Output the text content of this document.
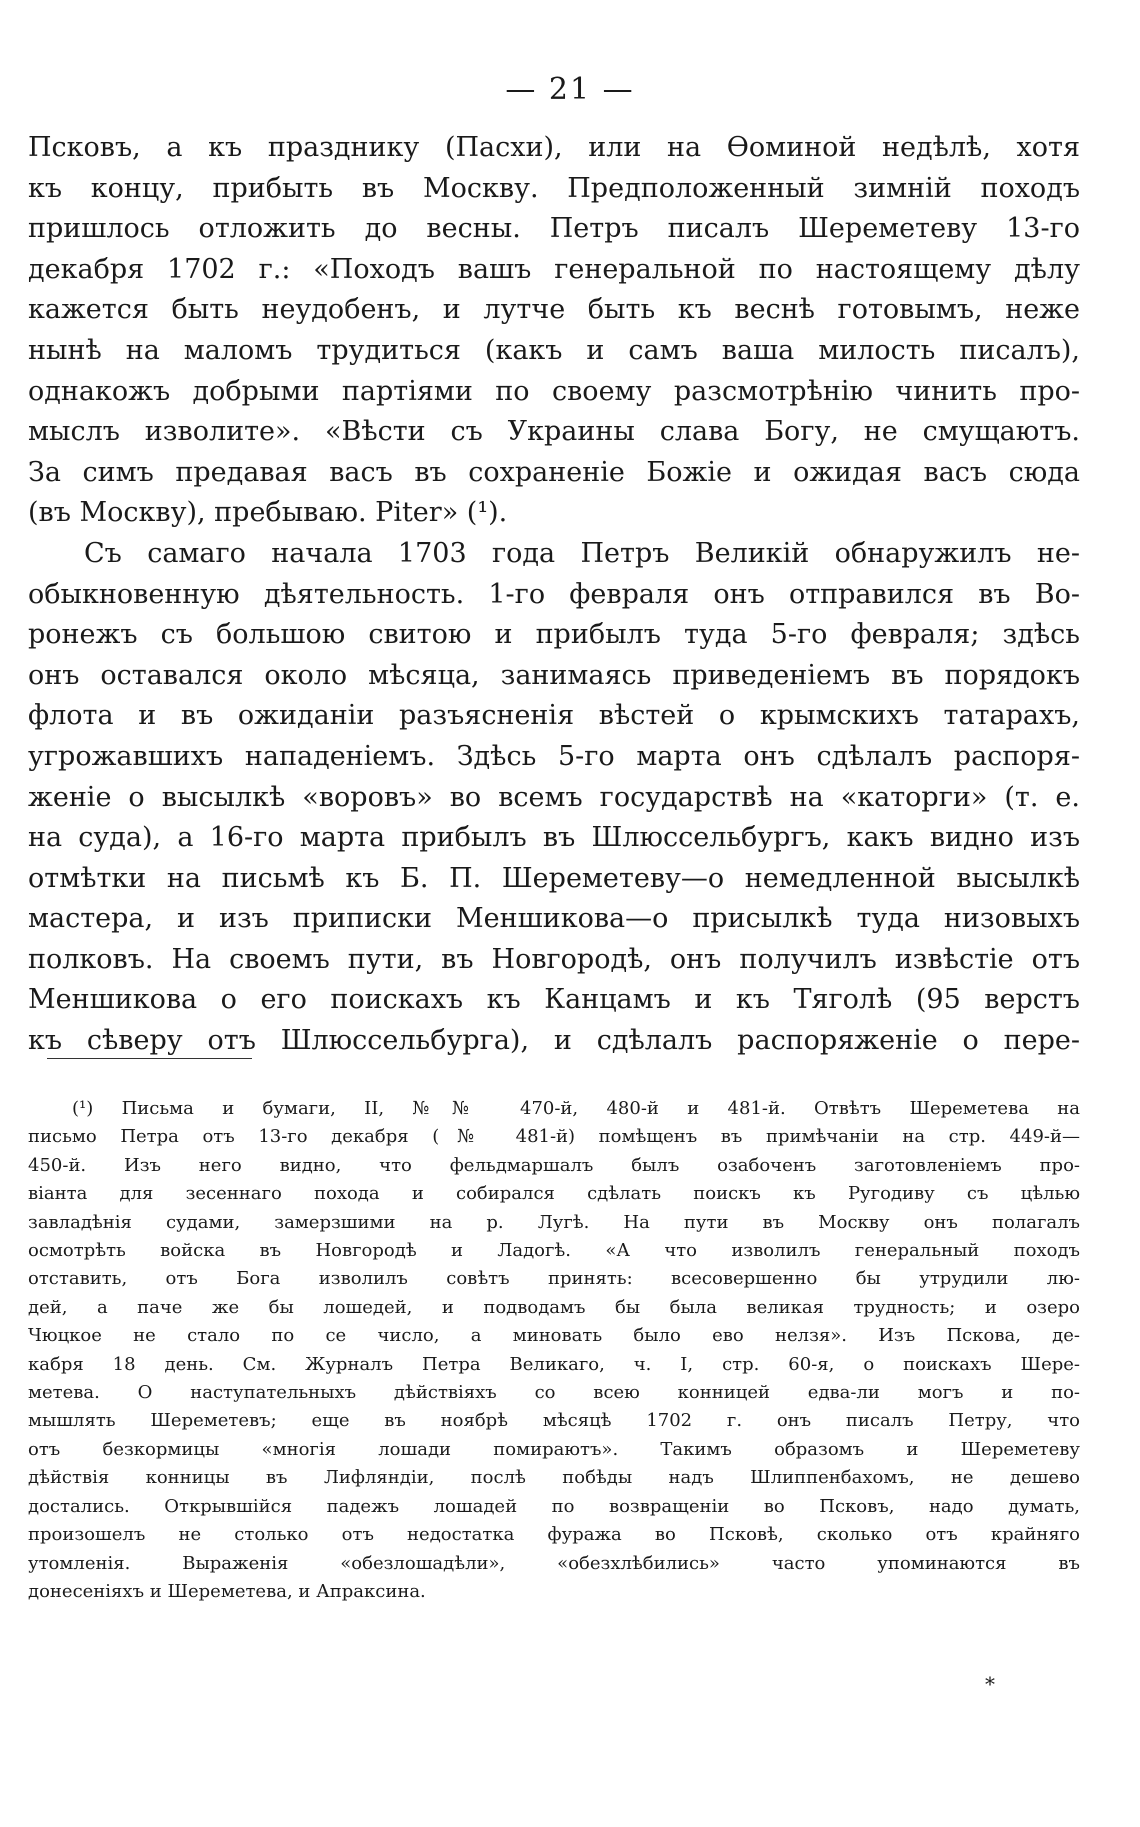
— 21 —
Псковъ, а къ празднику (Пасхи), или на Ѳоминой недѣлѣ, хотя
къ концу, прибыть въ Москву. Предположенный зимній походъ
пришлось отложить до весны. Петръ писалъ Шереметеву 13-го
декабря 1702 г.: «Походъ вашъ генеральной по настоящему дѣлу
кажется быть неудобенъ, и лутче быть къ веснѣ готовымъ, неже
нынѣ на маломъ трудиться (какъ и самъ ваша милость писалъ),
однакожъ добрыми партіями по своему разсмотрѣнію чинить про-
мыслъ изволите». «Вѣсти съ Украины слава Богу, не смущаютъ.
За симъ предавая васъ въ сохраненіе Божіе и ожидая васъ сюда
(въ Москву), пребываю. Piter» (¹).
Съ самаго начала 1703 года Петръ Великій обнаружилъ не-
обыкновенную дѣятельность. 1-го февраля онъ отправился въ Во-
ронежъ съ большою свитою и прибылъ туда 5-го февраля; здѣсь
онъ оставался около мѣсяца, занимаясь приведеніемъ въ порядокъ
флота и въ ожиданіи разъясненія вѣстей о крымскихъ татарахъ,
угрожавшихъ нападеніемъ. Здѣсь 5-го марта онъ сдѣлалъ распоря-
женіе о высылкѣ «воровъ» во всемъ государствѣ на «каторги» (т. е.
на суда), а 16-го марта прибылъ въ Шлюссельбургъ, какъ видно изъ
отмѣтки на письмѣ къ Б. П. Шереметеву—о немедленной высылкѣ
мастера, и изъ приписки Меншикова—о присылкѣ туда низовыхъ
полковъ. На своемъ пути, въ Новгородѣ, онъ получилъ извѣстіе отъ
Меншикова о его поискахъ къ Канцамъ и къ Тяголѣ (95 верстъ
къ сѣверу отъ Шлюссельбурга), и сдѣлалъ распоряженіе о пере-
(¹) Письма и бумаги, II, №№ 470-й, 480-й и 481-й. Отвѣтъ Шереметева на
письмо Петра отъ 13-го декабря (№ 481-й) помѣщенъ въ примѣчаніи на стр. 449-й—
450-й. Изъ него видно, что фельдмаршалъ былъ озабоченъ заготовленіемъ про-
віанта для зесеннаго похода и собирался сдѣлать поискъ къ Ругодиву съ цѣлью
завладѣнія судами, замерзшими на р. Лугѣ. На пути въ Москву онъ полагалъ
осмотрѣть войска въ Новгородѣ и Ладогѣ. «А что изволилъ генеральный походъ
отставить, отъ Бога изволилъ совѣтъ принять: всесовершенно бы утрудили лю-
дей, а паче же бы лошедей, и подводамъ бы была великая трудность; и озеро
Чюцкое не стало по се число, а миновать было ево нелзя». Изъ Пскова, де-
кабря 18 день. См. Журналъ Петра Великаго, ч. I, стр. 60-я, о поискахъ Шере-
метева. О наступательныхъ дѣйствіяхъ со всею конницей едва-ли могъ и по-
мышлять Шереметевъ; еще въ ноябрѣ мѣсяцѣ 1702 г. онъ писалъ Петру, что
отъ безкормицы «многія лошади помираютъ». Такимъ образомъ и Шереметеву
дѣйствія конницы въ Лифляндіи, послѣ побѣды надъ Шлиппенбахомъ, не дешево
достались. Открывшійся падежъ лошадей по возвращеніи во Псковъ, надо думать,
произошелъ не столько отъ недостатка фуража во Псковѣ, сколько отъ крайняго
утомленія. Выраженія «обезлошадѣли», «обезхлѣбились» часто упоминаются въ
донесеніяхъ и Шереметева, и Апраксина.
*
